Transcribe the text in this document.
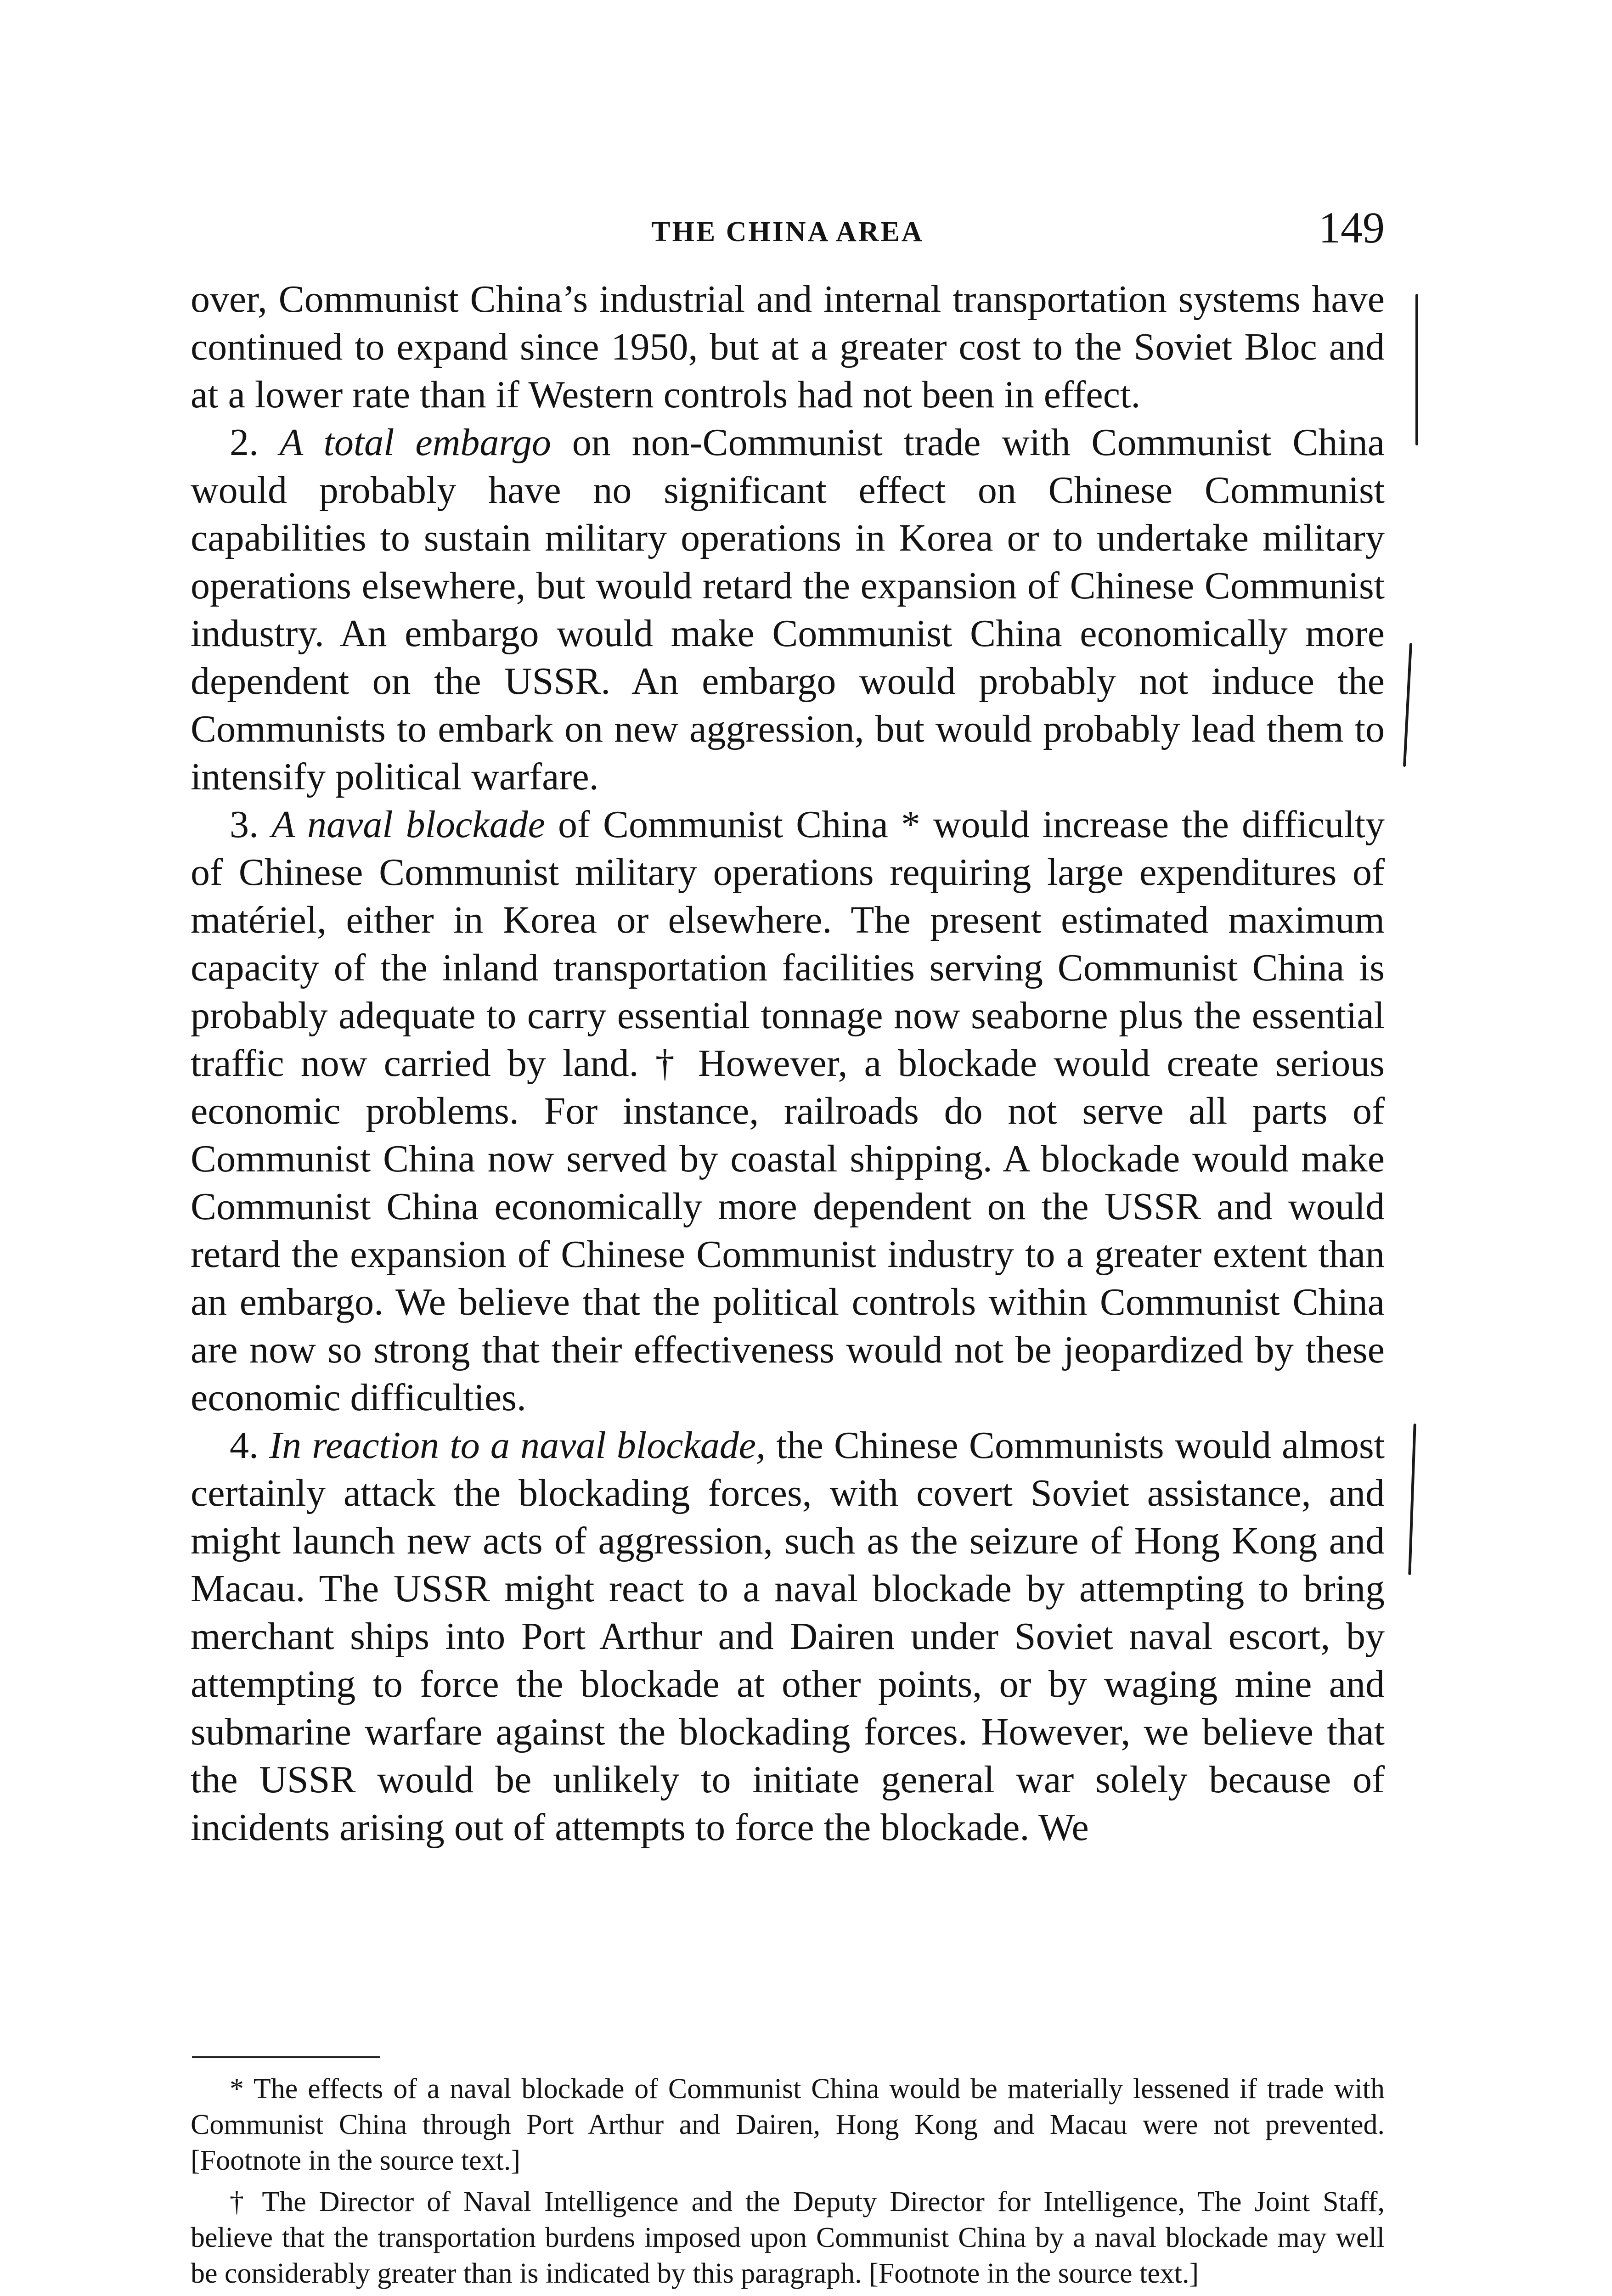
THE CHINA AREA	149

over, Communist China’s industrial and internal transportation systems have continued to expand since 1950, but at a greater cost to the Soviet Bloc and at a lower rate than if Western controls had not been in effect.

2. A total embargo on non-Communist trade with Communist China would probably have no significant effect on Chinese Communist capabilities to sustain military operations in Korea or to undertake military operations elsewhere, but would retard the expansion of Chinese Communist industry. An embargo would make Communist China economically more dependent on the USSR. An embargo would probably not induce the Communists to embark on new aggression, but would probably lead them to intensify political warfare.

3. A naval blockade of Communist China * would increase the difficulty of Chinese Communist military operations requiring large expenditures of matériel, either in Korea or elsewhere. The present estimated maximum capacity of the inland transportation facilities serving Communist China is probably adequate to carry essential tonnage now seaborne plus the essential traffic now carried by land. † However, a blockade would create serious economic problems. For instance, railroads do not serve all parts of Communist China now served by coastal shipping. A blockade would make Communist China economically more dependent on the USSR and would retard the expansion of Chinese Communist industry to a greater extent than an embargo. We believe that the political controls within Communist China are now so strong that their effectiveness would not be jeopardized by these economic difficulties.

4. In reaction to a naval blockade, the Chinese Communists would almost certainly attack the blockading forces, with covert Soviet assistance, and might launch new acts of aggression, such as the seizure of Hong Kong and Macau. The USSR might react to a naval blockade by attempting to bring merchant ships into Port Arthur and Dairen under Soviet naval escort, by attempting to force the blockade at other points, or by waging mine and submarine warfare against the blockading forces. However, we believe that the USSR would be unlikely to initiate general war solely because of incidents arising out of attempts to force the blockade. We

* The effects of a naval blockade of Communist China would be materially lessened if trade with Communist China through Port Arthur and Dairen, Hong Kong and Macau were not prevented. [Footnote in the source text.]

† The Director of Naval Intelligence and the Deputy Director for Intelligence, The Joint Staff, believe that the transportation burdens imposed upon Communist China by a naval blockade may well be considerably greater than is indicated by this paragraph. [Footnote in the source text.]
